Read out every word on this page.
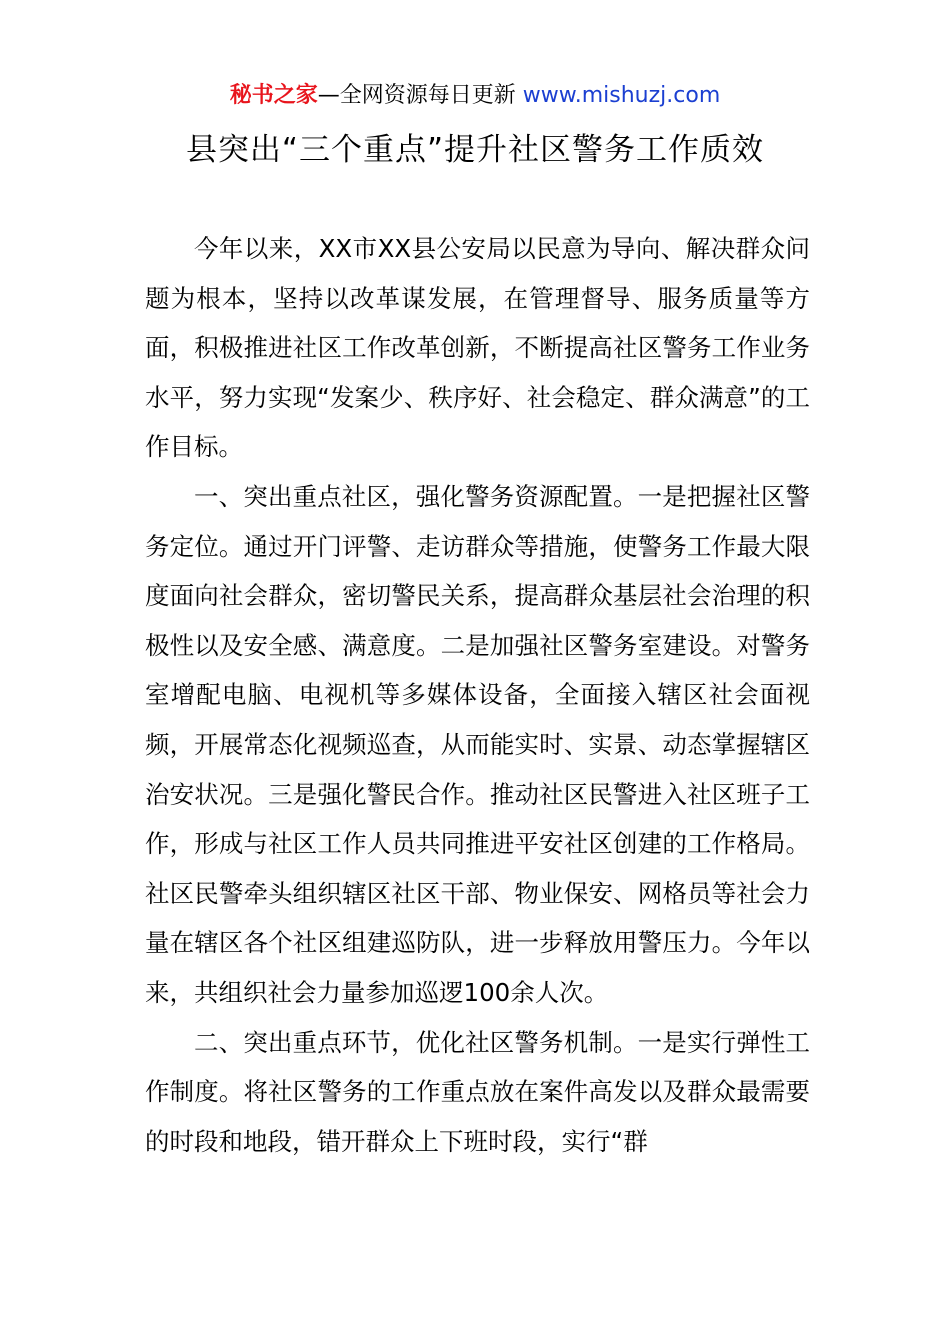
秘书之家—全网资源每日更新 www.mishuzj.com
县突出“三个重点”提升社区警务工作质效

今年以来，XX市XX县公安局以民意为导向、解决群众问题为根本，坚持以改革谋发展，在管理督导、服务质量等方面，积极推进社区工作改革创新，不断提高社区警务工作业务水平，努力实现“发案少、秩序好、社会稳定、群众满意”的工作目标。

一、突出重点社区，强化警务资源配置。一是把握社区警务定位。通过开门评警、走访群众等措施，使警务工作最大限度面向社会群众，密切警民关系，提高群众基层社会治理的积极性以及安全感、满意度。二是加强社区警务室建设。对警务室增配电脑、电视机等多媒体设备，全面接入辖区社会面视频，开展常态化视频巡查，从而能实时、实景、动态掌握辖区治安状况。三是强化警民合作。推动社区民警进入社区班子工作，形成与社区工作人员共同推进平安社区创建的工作格局。社区民警牵头组织辖区社区干部、物业保安、网格员等社会力量在辖区各个社区组建巡防队，进一步释放用警压力。今年以来，共组织社会力量参加巡逻100余人次。

二、突出重点环节，优化社区警务机制。一是实行弹性工作制度。将社区警务的工作重点放在案件高发以及群众最需要的时段和地段，错开群众上下班时段，实行“群
